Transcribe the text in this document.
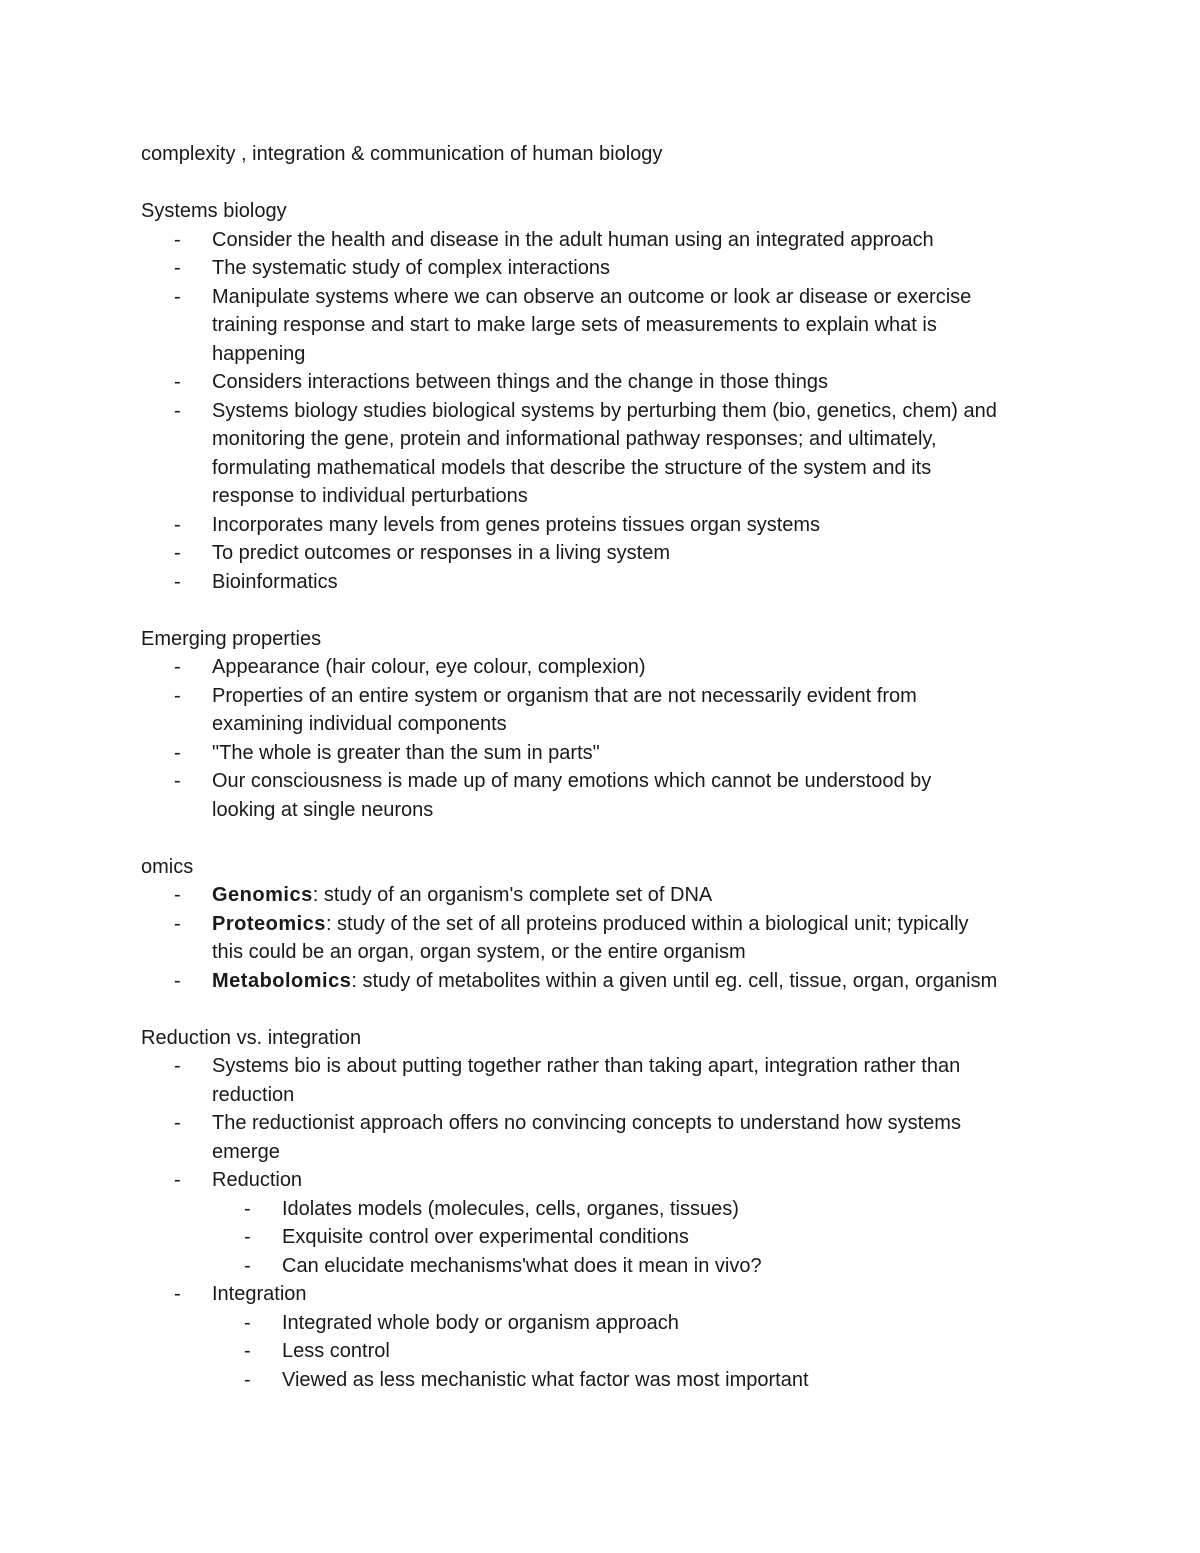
complexity , integration & communication of human biology
Systems biology
- Consider the health and disease in the adult human using an integrated approach
- The systematic study of complex interactions
- Manipulate systems where we can observe an outcome or look ar disease or exercise
training response and start to make large sets of measurements to explain what is
happening
- Considers interactions between things and the change in those things
- Systems biology studies biological systems by perturbing them (bio, genetics, chem) and
monitoring the gene, protein and informational pathway responses; and ultimately,
formulating mathematical models that describe the structure of the system and its
response to individual perturbations
- Incorporates many levels from genes proteins tissues organ systems
- To predict outcomes or responses in a living system
- Bioinformatics
Emerging properties
- Appearance (hair colour, eye colour, complexion)
- Properties of an entire system or organism that are not necessarily evident from
examining individual components
- "The whole is greater than the sum in parts"
- Our consciousness is made up of many emotions which cannot be understood by
looking at single neurons
omics
- Genomics: study of an organism's complete set of DNA
- Proteomics: study of the set of all proteins produced within a biological unit; typically
this could be an organ, organ system, or the entire organism
- Metabolomics: study of metabolites within a given until eg. cell, tissue, organ, organism
Reduction vs. integration
- Systems bio is about putting together rather than taking apart, integration rather than
reduction
- The reductionist approach offers no convincing concepts to understand how systems
emerge
- Reduction
- Idolates models (molecules, cells, organes, tissues)
- Exquisite control over experimental conditions
- Can elucidate mechanisms'what does it mean in vivo?
- Integration
- Integrated whole body or organism approach
- Less control
- Viewed as less mechanistic what factor was most important
